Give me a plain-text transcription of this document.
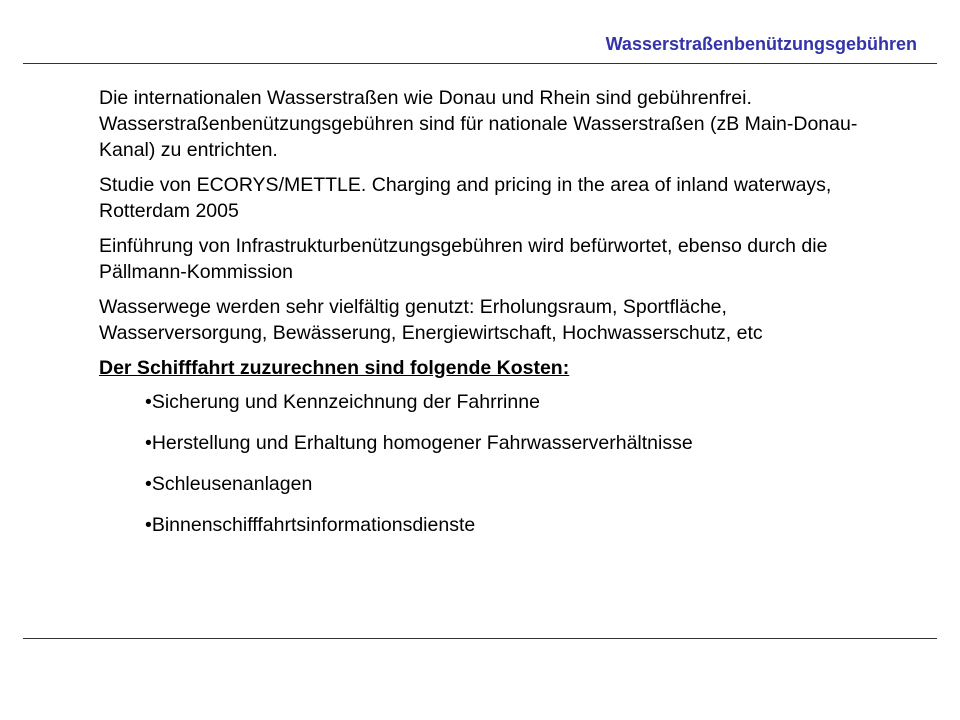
Wasserstraßenbenützungsgebühren

Die internationalen Wasserstraßen wie Donau und Rhein sind gebührenfrei. Wasserstraßenbenützungsgebühren sind für nationale Wasserstraßen (zB Main-Donau-Kanal) zu entrichten.

Studie von ECORYS/METTLE. Charging and pricing in the area of inland waterways, Rotterdam 2005

Einführung von Infrastrukturbenützungsgebühren wird befürwortet, ebenso durch die Pällmann-Kommission

Wasserwege werden sehr vielfältig genutzt: Erholungsraum, Sportfläche, Wasserversorgung, Bewässerung, Energiewirtschaft, Hochwasserschutz, etc

Der Schifffahrt zuzurechnen sind folgende Kosten:

•Sicherung und Kennzeichnung der Fahrrinne
•Herstellung und Erhaltung homogener Fahrwasserverhältnisse
•Schleusenanlagen
•Binnenschifffahrtsinformationsdienste
